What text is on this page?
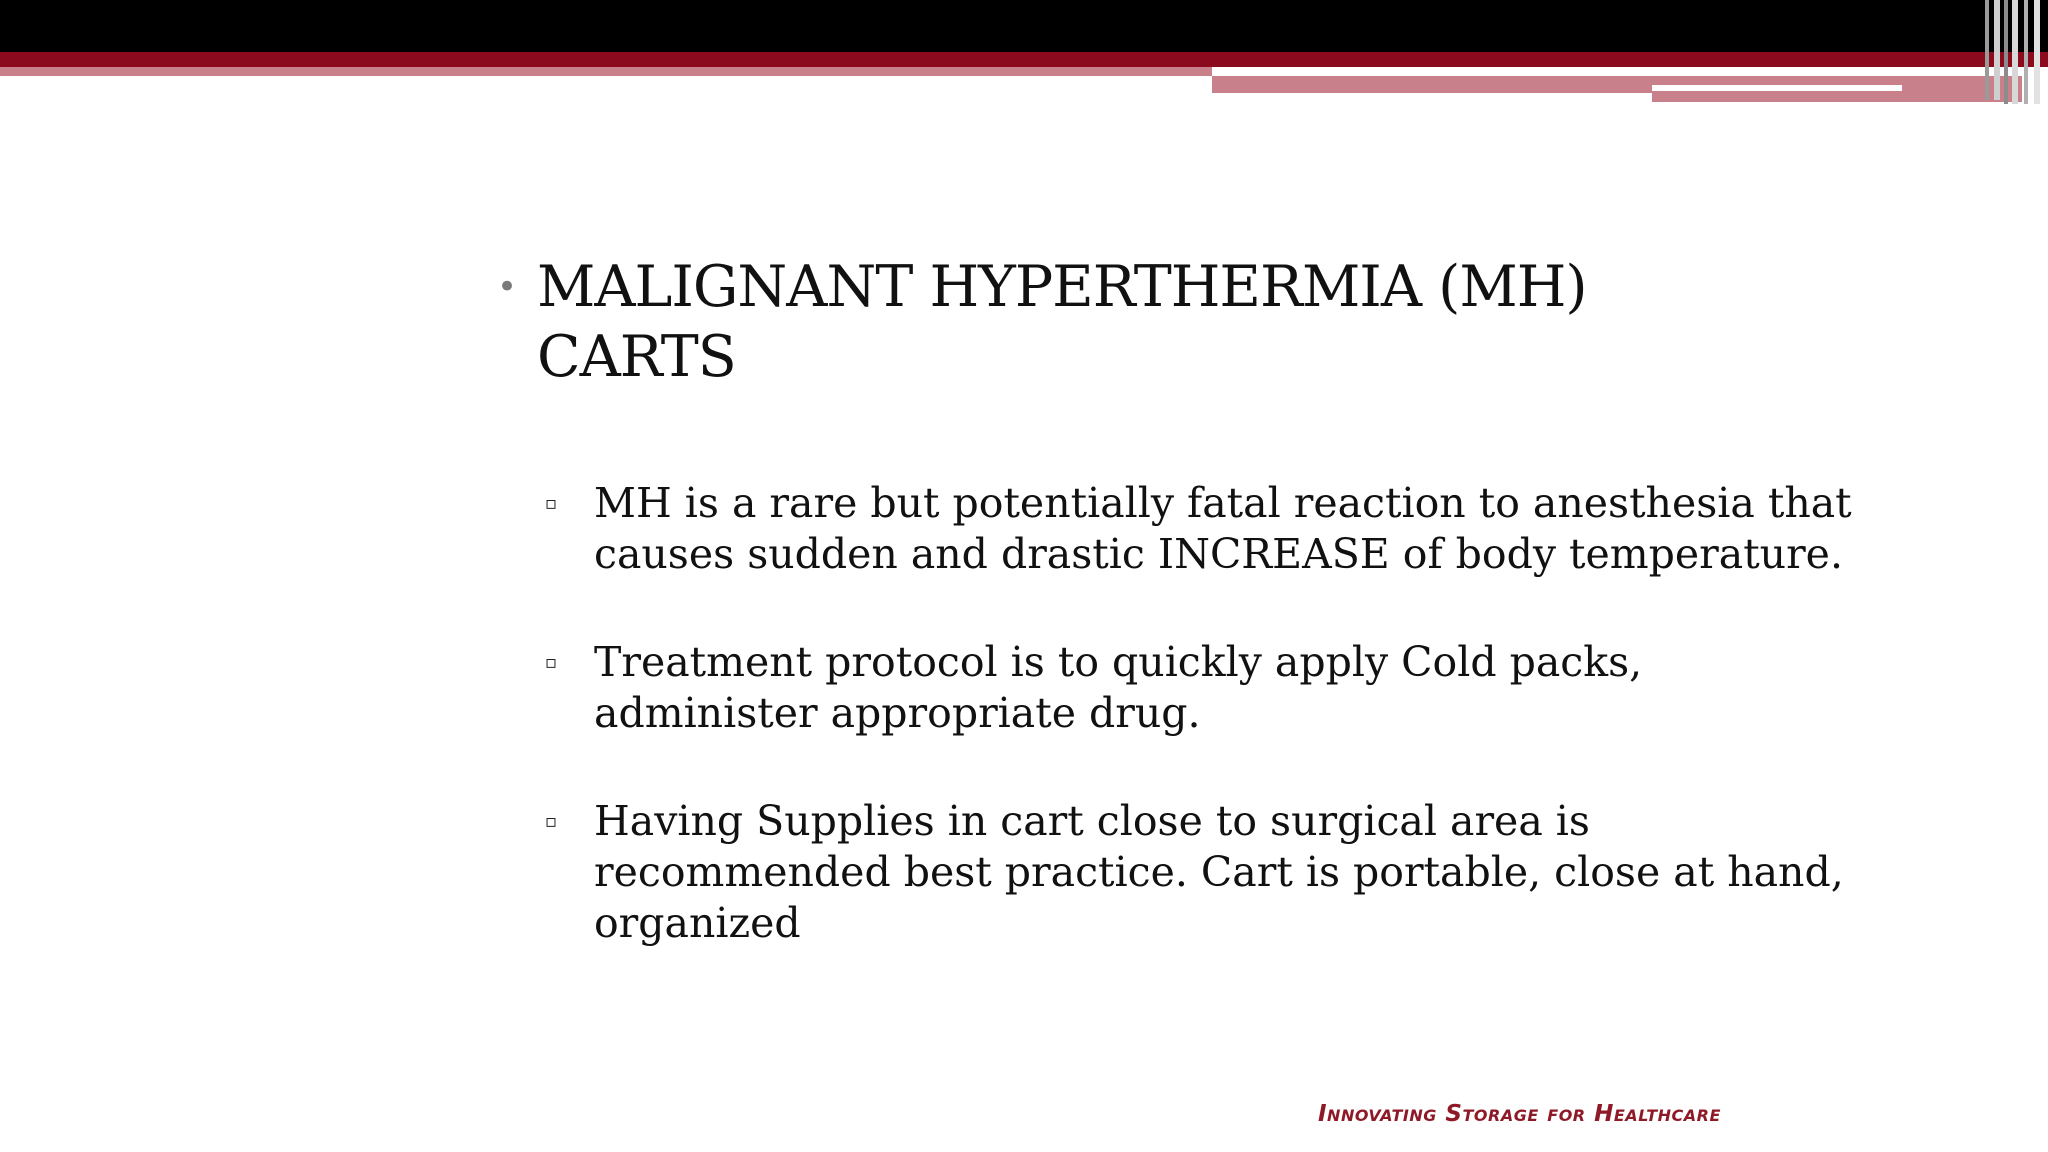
• MALIGNANT HYPERTHERMIA (MH) CARTS
▫ MH is a rare but potentially fatal reaction to anesthesia that causes sudden and drastic INCREASE of body temperature.
▫ Treatment protocol is to quickly apply Cold packs, administer appropriate drug.
▫ Having Supplies in cart close to surgical area is recommended best practice. Cart is portable, close at hand, organized
Innovating Storage for Healthcare
